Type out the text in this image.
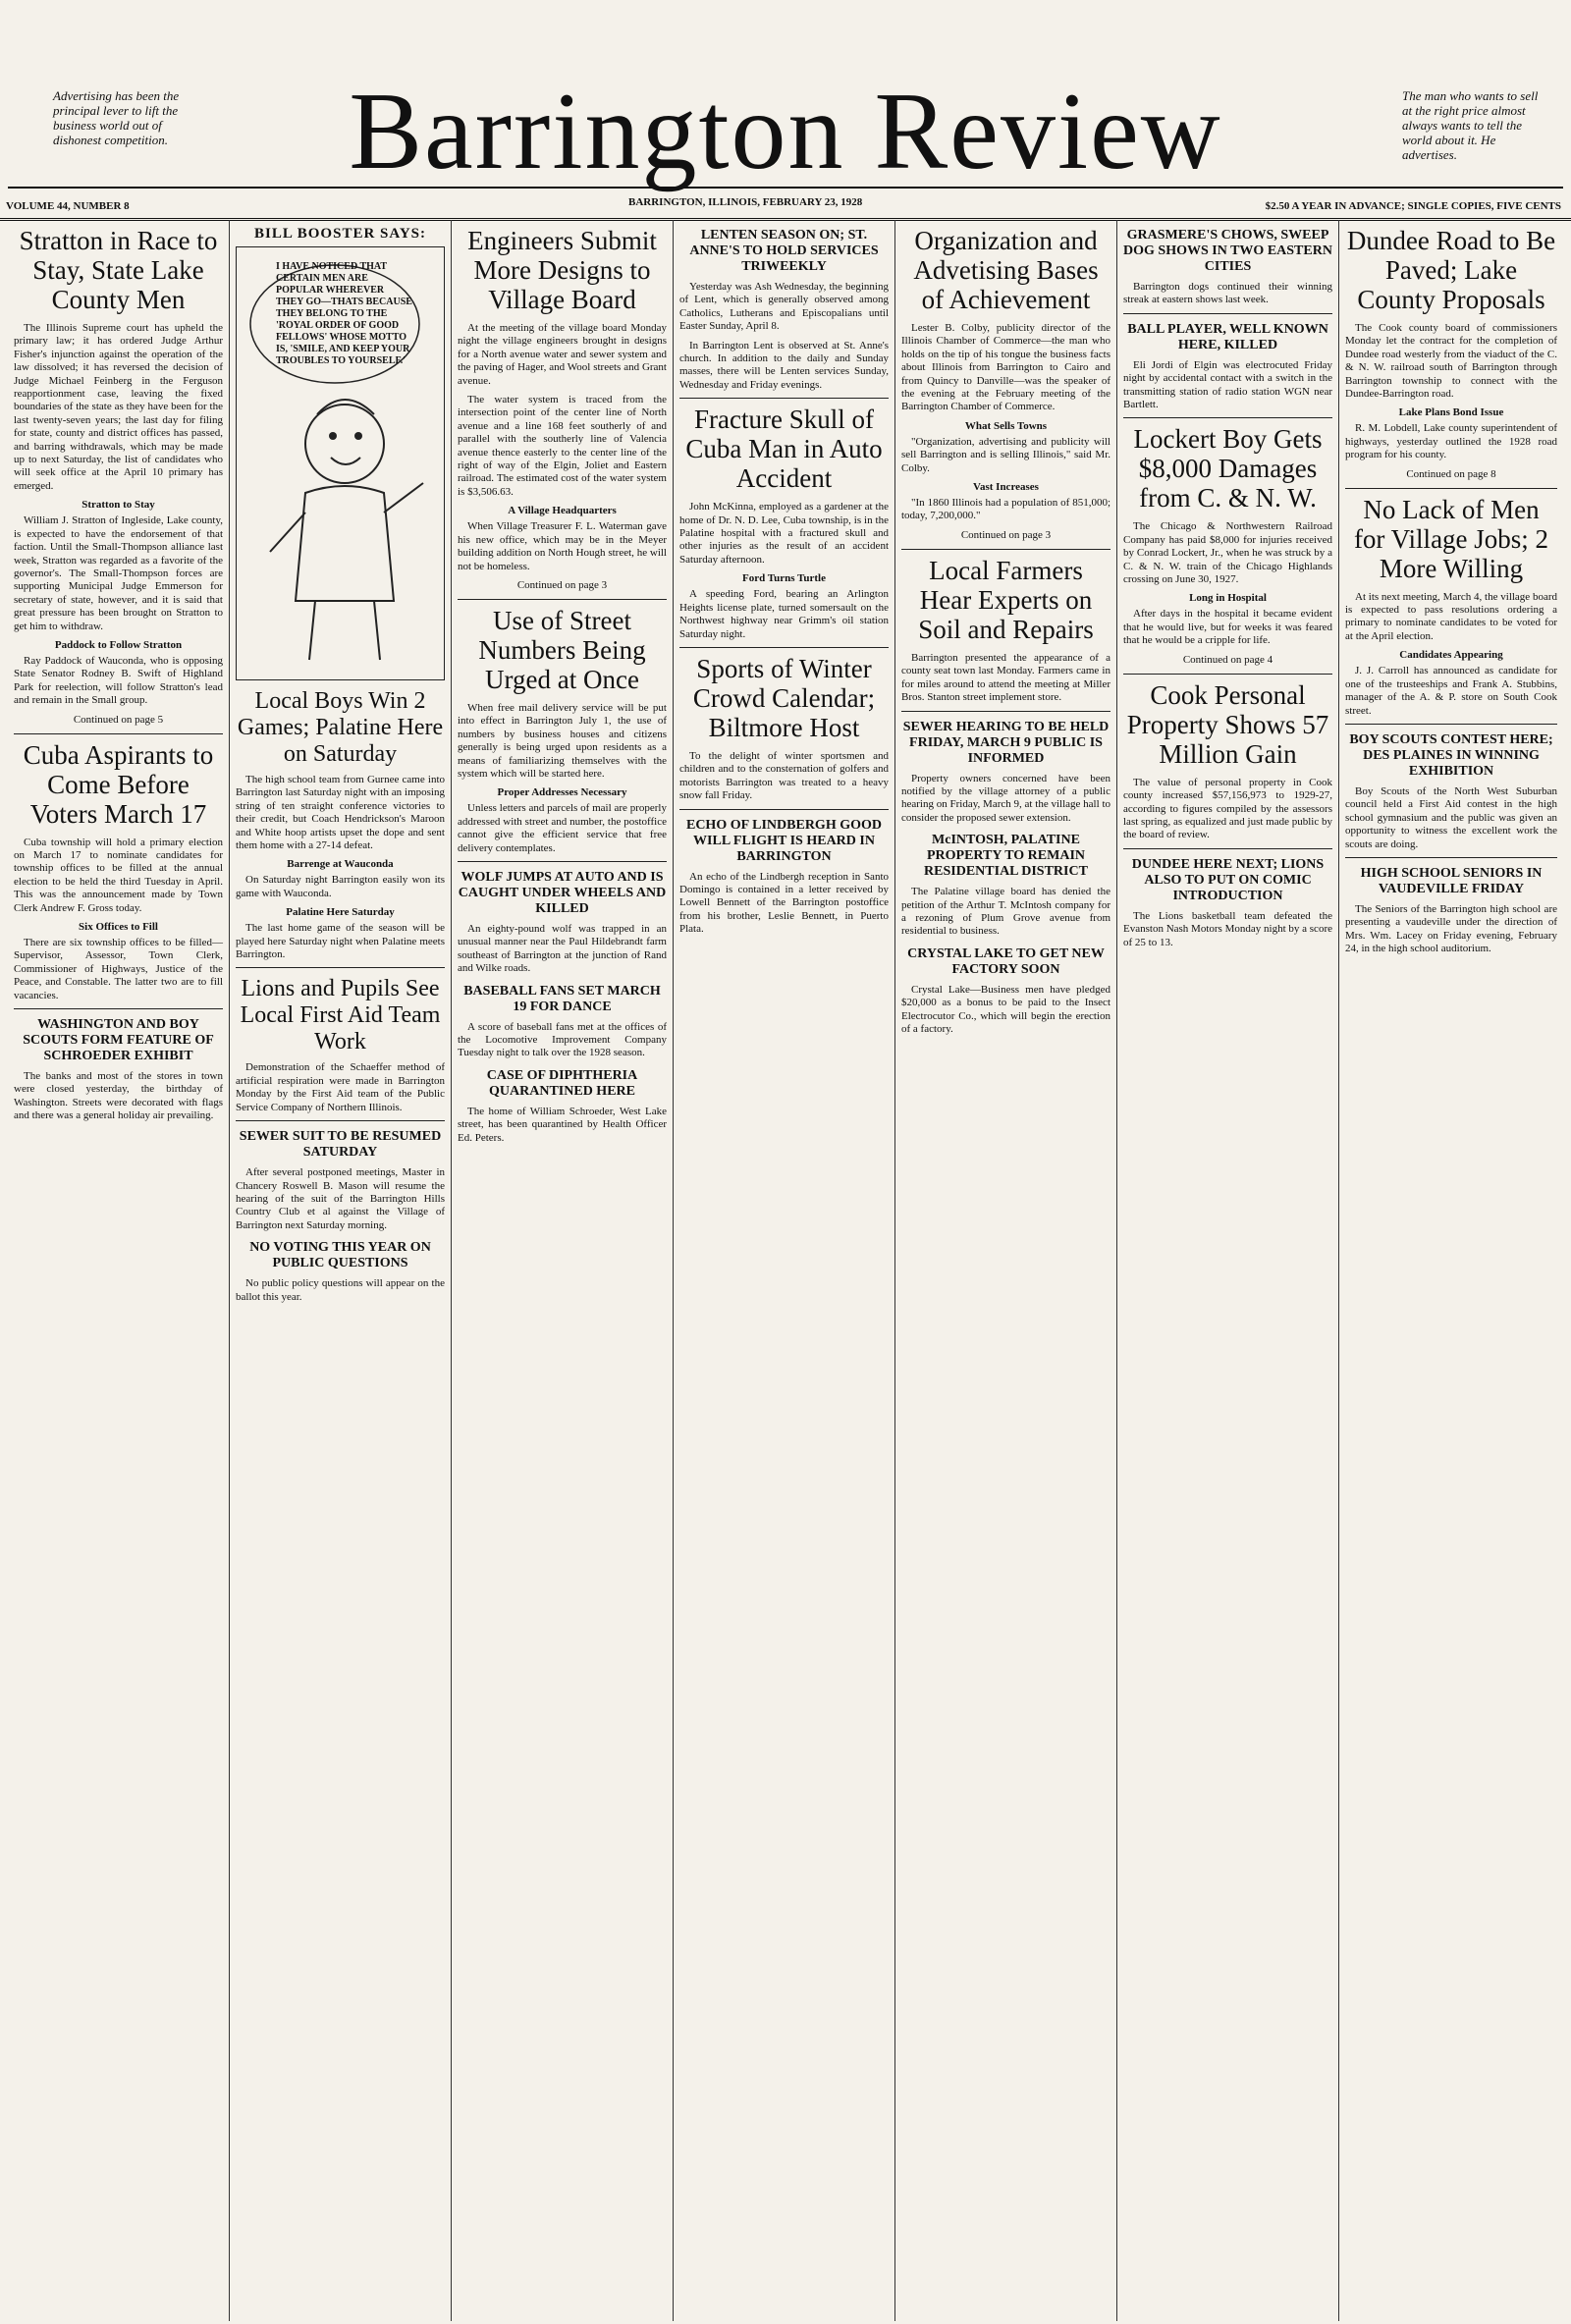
Advertising has been the principal lever to lift the business world out of dishonest competition.	Barrington Review	The man who wants to sell at the right price almost always wants to tell the world about it. He advertises.
VOLUME 44, NUMBER 8	BARRINGTON, ILLINOIS, FEBRUARY 23, 1928	$2.50 A YEAR IN ADVANCE; SINGLE COPIES, FIVE CENTS
Stratton in Race to Stay, State Lake County Men

The Illinois Supreme court has upheld the primary law; it has ordered Judge Arthur Fisher's injunction against the operation of the law dissolved; it has reversed the decision of Judge Michael Feinberg in the Ferguson reapportionment case, leaving the fixed boundaries of the state as they have been for the last twenty-seven years; the last day for filing for state, county and district offices has passed, and barring withdrawals, which may be made up to next Saturday, the list of candidates who will seek office at the April 10 primary has emerged.

Stratton to Stay

William J. Stratton of Ingleside, Lake county, is expected to have the endorsement of that faction. Until the Small-Thompson alliance last week, Stratton was regarded as a favorite of the governor's. The Small-Thompson forces are supporting Municipal Judge Emmerson for secretary of state, however, and it is said that great pressure has been brought on Stratton to get him to withdraw.

Paddock to Follow Stratton

Ray Paddock of Wauconda, who is opposing State Senator Rodney B. Swift of Highland Park for reelection, will follow Stratton's lead and remain in the Small group.

Continued on page 5
Cuba Aspirants to Come Before Voters March 17

Cuba township will hold a primary election on March 17 to nominate candidates for township offices to be filled at the annual election to be held the third Tuesday in April. This was the announcement made by Town Clerk Andrew F. Gross today.

Six Offices to Fill

There are six township offices to be filled—Supervisor, Assessor, Town Clerk, Commissioner of Highways, Justice of the Peace, and Constable. The latter two are to fill vacancies.

WASHINGTON AND BOY SCOUTS FORM FEATURE OF SCHROEDER EXHIBIT

The banks and most of the stores in town were closed yesterday, the birthday of Washington. Streets were decorated with flags and there was a general holiday air prevailing.

BILL BOOSTER SAYS:
I HAVE NOTICED THAT CERTAIN MEN ARE POPULAR WHEREVER THEY GO—THATS BECAUSE THEY BELONG TO THE 'ROYAL ORDER OF GOOD FELLOWS' WHOSE MOTTO IS, 'SMILE, AND KEEP YOUR TROUBLES TO YOURSELF.'
Local Boys Win 2 Games; Palatine Here on Saturday

The high school team from Gurnee came into Barrington last Saturday night with an imposing string of ten straight conference victories to their credit, but Coach Hendrickson's Maroon and White hoop artists upset the dope and sent them home with a 27-14 defeat.

Barrenge at Wauconda

On Saturday night Barrington easily won its game with Wauconda.

Palatine Here Saturday

The last home game of the season will be played here Saturday night when Palatine meets Barrington.

Lions and Pupils See Local First Aid Team Work

Demonstration of the Schaeffer method of artificial respiration were made in Barrington Monday by the First Aid team of the Public Service Company of Northern Illinois.

SEWER SUIT TO BE RESUMED SATURDAY

After several postponed meetings, Master in Chancery Roswell B. Mason will resume the hearing of the suit of the Barrington Hills Country Club et al against the Village of Barrington next Saturday morning.

NO VOTING THIS YEAR ON PUBLIC QUESTIONS

No public policy questions will appear on the ballot this year.

Engineers Submit More Designs to Village Board

At the meeting of the village board Monday night the village engineers brought in designs for a North avenue water and sewer system and the paving of Hager, and Wool streets and Grant avenue.

The water system is traced from the intersection point of the center line of North avenue and a line 168 feet southerly of and parallel with the southerly line of Valencia avenue thence easterly to the center line of the right of way of the Elgin, Joliet and Eastern railroad. The estimated cost of the water system is $3,506.63.

A Village Headquarters

When Village Treasurer F. L. Waterman gave his new office, which may be in the Meyer building addition on North Hough street, he will not be homeless.

Continued on page 3
Use of Street Numbers Being Urged at Once

When free mail delivery service will be put into effect in Barrington July 1, the use of numbers by business houses and citizens generally is being urged upon residents as a means of familiarizing themselves with the system which will be started here.

Proper Addresses Necessary

Unless letters and parcels of mail are properly addressed with street and number, the postoffice cannot give the efficient service that free delivery contemplates.

WOLF JUMPS AT AUTO AND IS CAUGHT UNDER WHEELS AND KILLED

An eighty-pound wolf was trapped in an unusual manner near the Paul Hildebrandt farm southeast of Barrington at the junction of Rand and Wilke roads.

BASEBALL FANS SET MARCH 19 FOR DANCE

A score of baseball fans met at the offices of the Locomotive Improvement Company Tuesday night to talk over the 1928 season.

CASE OF DIPHTHERIA QUARANTINED HERE

The home of William Schroeder, West Lake street, has been quarantined by Health Officer Ed. Peters.

LENTEN SEASON ON; ST. ANNE'S TO HOLD SERVICES TRIWEEKLY

Yesterday was Ash Wednesday, the beginning of Lent, which is generally observed among Catholics, Lutherans and Episcopalians until Easter Sunday, April 8.

In Barrington Lent is observed at St. Anne's church. In addition to the daily and Sunday masses, there will be Lenten services Sunday, Wednesday and Friday evenings.

Fracture Skull of Cuba Man in Auto Accident

John McKinna, employed as a gardener at the home of Dr. N. D. Lee, Cuba township, is in the Palatine hospital with a fractured skull and other injuries as the result of an accident Saturday afternoon.

Ford Turns Turtle

A speeding Ford, bearing an Arlington Heights license plate, turned somersault on the Northwest highway near Grimm's oil station Saturday night.

Sports of Winter Crowd Calendar; Biltmore Host

To the delight of winter sportsmen and children and to the consternation of golfers and motorists Barrington was treated to a heavy snow fall Friday.

ECHO OF LINDBERGH GOOD WILL FLIGHT IS HEARD IN BARRINGTON

An echo of the Lindbergh reception in Santo Domingo is contained in a letter received by Lowell Bennett of the Barrington postoffice from his brother, Leslie Bennett, in Puerto Plata.

Organization and Advetising Bases of Achievement

Lester B. Colby, publicity director of the Illinois Chamber of Commerce—the man who holds on the tip of his tongue the business facts about Illinois from Barrington to Cairo and from Quincy to Danville—was the speaker of the evening at the February meeting of the Barrington Chamber of Commerce.

What Sells Towns

"Organization, advertising and publicity will sell Barrington and is selling Illinois," said Mr. Colby.

Vast Increases

"In 1860 Illinois had a population of 851,000; today, 7,200,000."

Continued on page 3
Local Farmers Hear Experts on Soil and Repairs

Barrington presented the appearance of a county seat town last Monday. Farmers came in for miles around to attend the meeting at Miller Bros. Stanton street implement store.

SEWER HEARING TO BE HELD FRIDAY, MARCH 9 PUBLIC IS INFORMED

Property owners concerned have been notified by the village attorney of a public hearing on Friday, March 9, at the village hall to consider the proposed sewer extension.

McINTOSH, PALATINE PROPERTY TO REMAIN RESIDENTIAL DISTRICT

The Palatine village board has denied the petition of the Arthur T. McIntosh company for a rezoning of Plum Grove avenue from residential to business.

CRYSTAL LAKE TO GET NEW FACTORY SOON

Crystal Lake—Business men have pledged $20,000 as a bonus to be paid to the Insect Electrocutor Co., which will begin the erection of a factory.

GRASMERE'S CHOWS, SWEEP DOG SHOWS IN TWO EASTERN CITIES

Barrington dogs continued their winning streak at eastern shows last week.

BALL PLAYER, WELL KNOWN HERE, KILLED

Eli Jordi of Elgin was electrocuted Friday night by accidental contact with a switch in the transmitting station of radio station WGN near Bartlett.

Lockert Boy Gets $8,000 Damages from C. & N. W.

The Chicago & Northwestern Railroad Company has paid $8,000 for injuries received by Conrad Lockert, Jr., when he was struck by a C. & N. W. train of the Chicago Highlands crossing on June 30, 1927.

Long in Hospital

After days in the hospital it became evident that he would live, but for weeks it was feared that he would be a cripple for life.

Continued on page 4
Cook Personal Property Shows 57 Million Gain

The value of personal property in Cook county increased $57,156,973 to 1929-27, according to figures compiled by the assessors last spring, as equalized and just made public by the board of review.

DUNDEE HERE NEXT; LIONS ALSO TO PUT ON COMIC INTRODUCTION

The Lions basketball team defeated the Evanston Nash Motors Monday night by a score of 25 to 13.

Dundee Road to Be Paved; Lake County Proposals

The Cook county board of commissioners Monday let the contract for the completion of Dundee road westerly from the viaduct of the C. & N. W. railroad south of Barrington through Barrington township to connect with the Dundee-Barrington road.

Lake Plans Bond Issue

R. M. Lobdell, Lake county superintendent of highways, yesterday outlined the 1928 road program for his county.

Continued on page 8
No Lack of Men for Village Jobs; 2 More Willing

At its next meeting, March 4, the village board is expected to pass resolutions ordering a primary to nominate candidates to be voted for at the April election.

Candidates Appearing

J. J. Carroll has announced as candidate for one of the trusteeships and Frank A. Stubbins, manager of the A. & P. store on South Cook street.

BOY SCOUTS CONTEST HERE; DES PLAINES IN WINNING EXHIBITION

Boy Scouts of the North West Suburban council held a First Aid contest in the high school gymnasium and the public was given an opportunity to witness the excellent work the scouts are doing.

HIGH SCHOOL SENIORS IN VAUDEVILLE FRIDAY

The Seniors of the Barrington high school are presenting a vaudeville under the direction of Mrs. Wm. Lacey on Friday evening, February 24, in the high school auditorium.
